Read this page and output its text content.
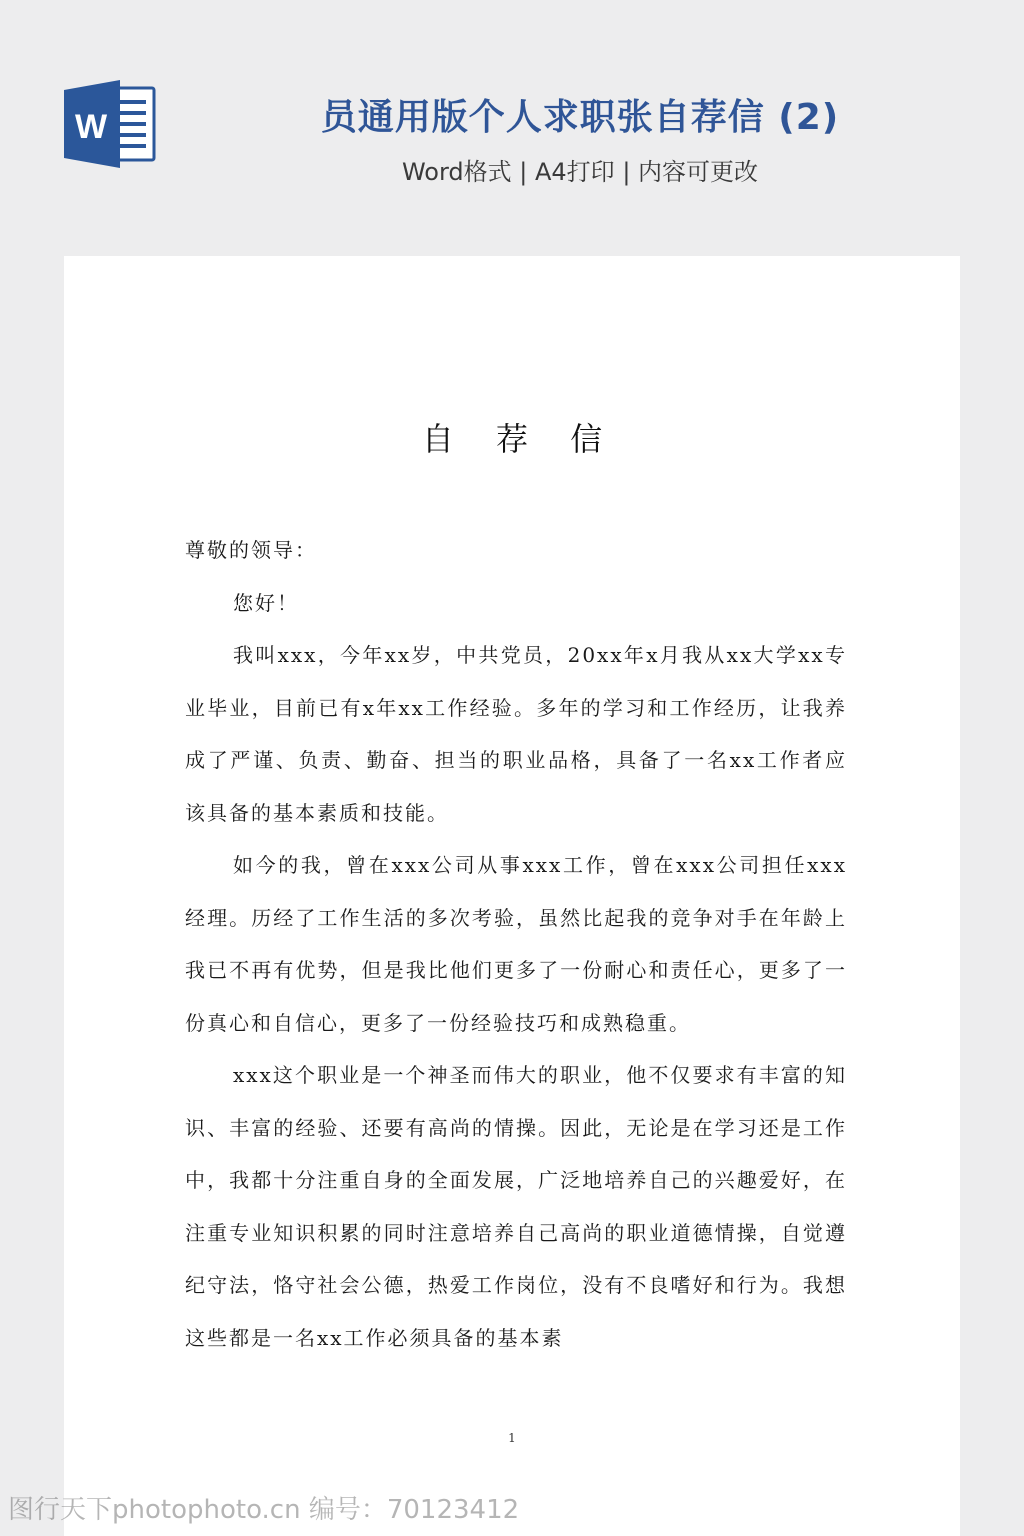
W	员通用版个人求职张自荐信 (2)
Word格式 | A4打印 | 内容可更改
自 荐 信

尊敬的领导：

您好！

我叫xxx，今年xx岁，中共党员，20xx年x月我从xx大学xx专业毕业，目前已有x年xx工作经验。多年的学习和工作经历，让我养成了严谨、负责、勤奋、担当的职业品格，具备了一名xx工作者应该具备的基本素质和技能。

如今的我，曾在xxx公司从事xxx工作，曾在xxx公司担任xxx经理。历经了工作生活的多次考验，虽然比起我的竞争对手在年龄上我已不再有优势，但是我比他们更多了一份耐心和责任心，更多了一份真心和自信心，更多了一份经验技巧和成熟稳重。

xxx这个职业是一个神圣而伟大的职业，他不仅要求有丰富的知识、丰富的经验、还要有高尚的情操。因此，无论是在学习还是工作中，我都十分注重自身的全面发展，广泛地培养自己的兴趣爱好，在注重专业知识积累的同时注意培养自己高尚的职业道德情操，自觉遵纪守法，恪守社会公德，热爱工作岗位，没有不良嗜好和行为。我想这些都是一名xx工作必须具备的基本素

1
图行天下photophoto.cn 编号：70123412
